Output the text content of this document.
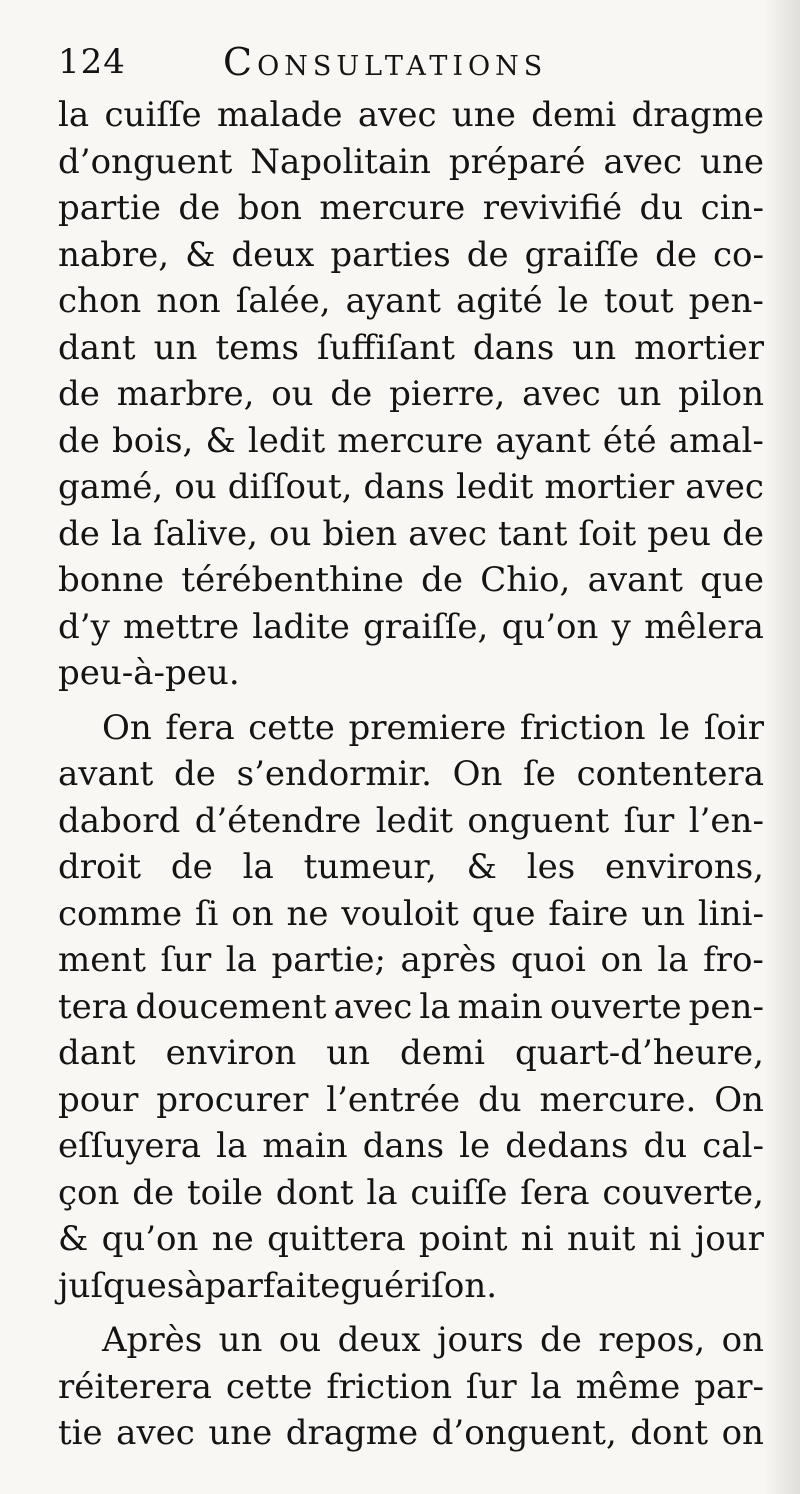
124	Consultations
la cuiſſe malade avec une demi dragme
d’onguent Napolitain préparé avec une
partie de bon mercure revivifié du cin-
nabre, & deux parties de graiſſe de co-
chon non ſalée, ayant agité le tout pen-
dant un tems ſuffiſant dans un mortier
de marbre, ou de pierre, avec un pilon
de bois, & ledit mercure ayant été amal-
gamé, ou diſſout, dans ledit mortier avec
de la ſalive, ou bien avec tant ſoit peu de
bonne térébenthine de Chio, avant que
d’y mettre ladite graiſſe, qu’on y mêlera
peu-à-peu.
On fera cette premiere friction le ſoir
avant de s’endormir. On ſe contentera
dabord d’étendre ledit onguent ſur l’en-
droit de la tumeur, & les environs,
comme ſi on ne vouloit que faire un lini-
ment ſur la partie; après quoi on la fro-
tera doucement avec la main ouverte pen-
dant environ un demi quart-d’heure,
pour procurer l’entrée du mercure. On
eſſuyera la main dans le dedans du cal-
çon de toile dont la cuiſſe ſera couverte,
& qu’on ne quittera point ni nuit ni jour
juſques à parfaite guériſon.
Après un ou deux jours de repos, on
réiterera cette friction ſur la même par-
tie avec une dragme d’onguent, dont on
